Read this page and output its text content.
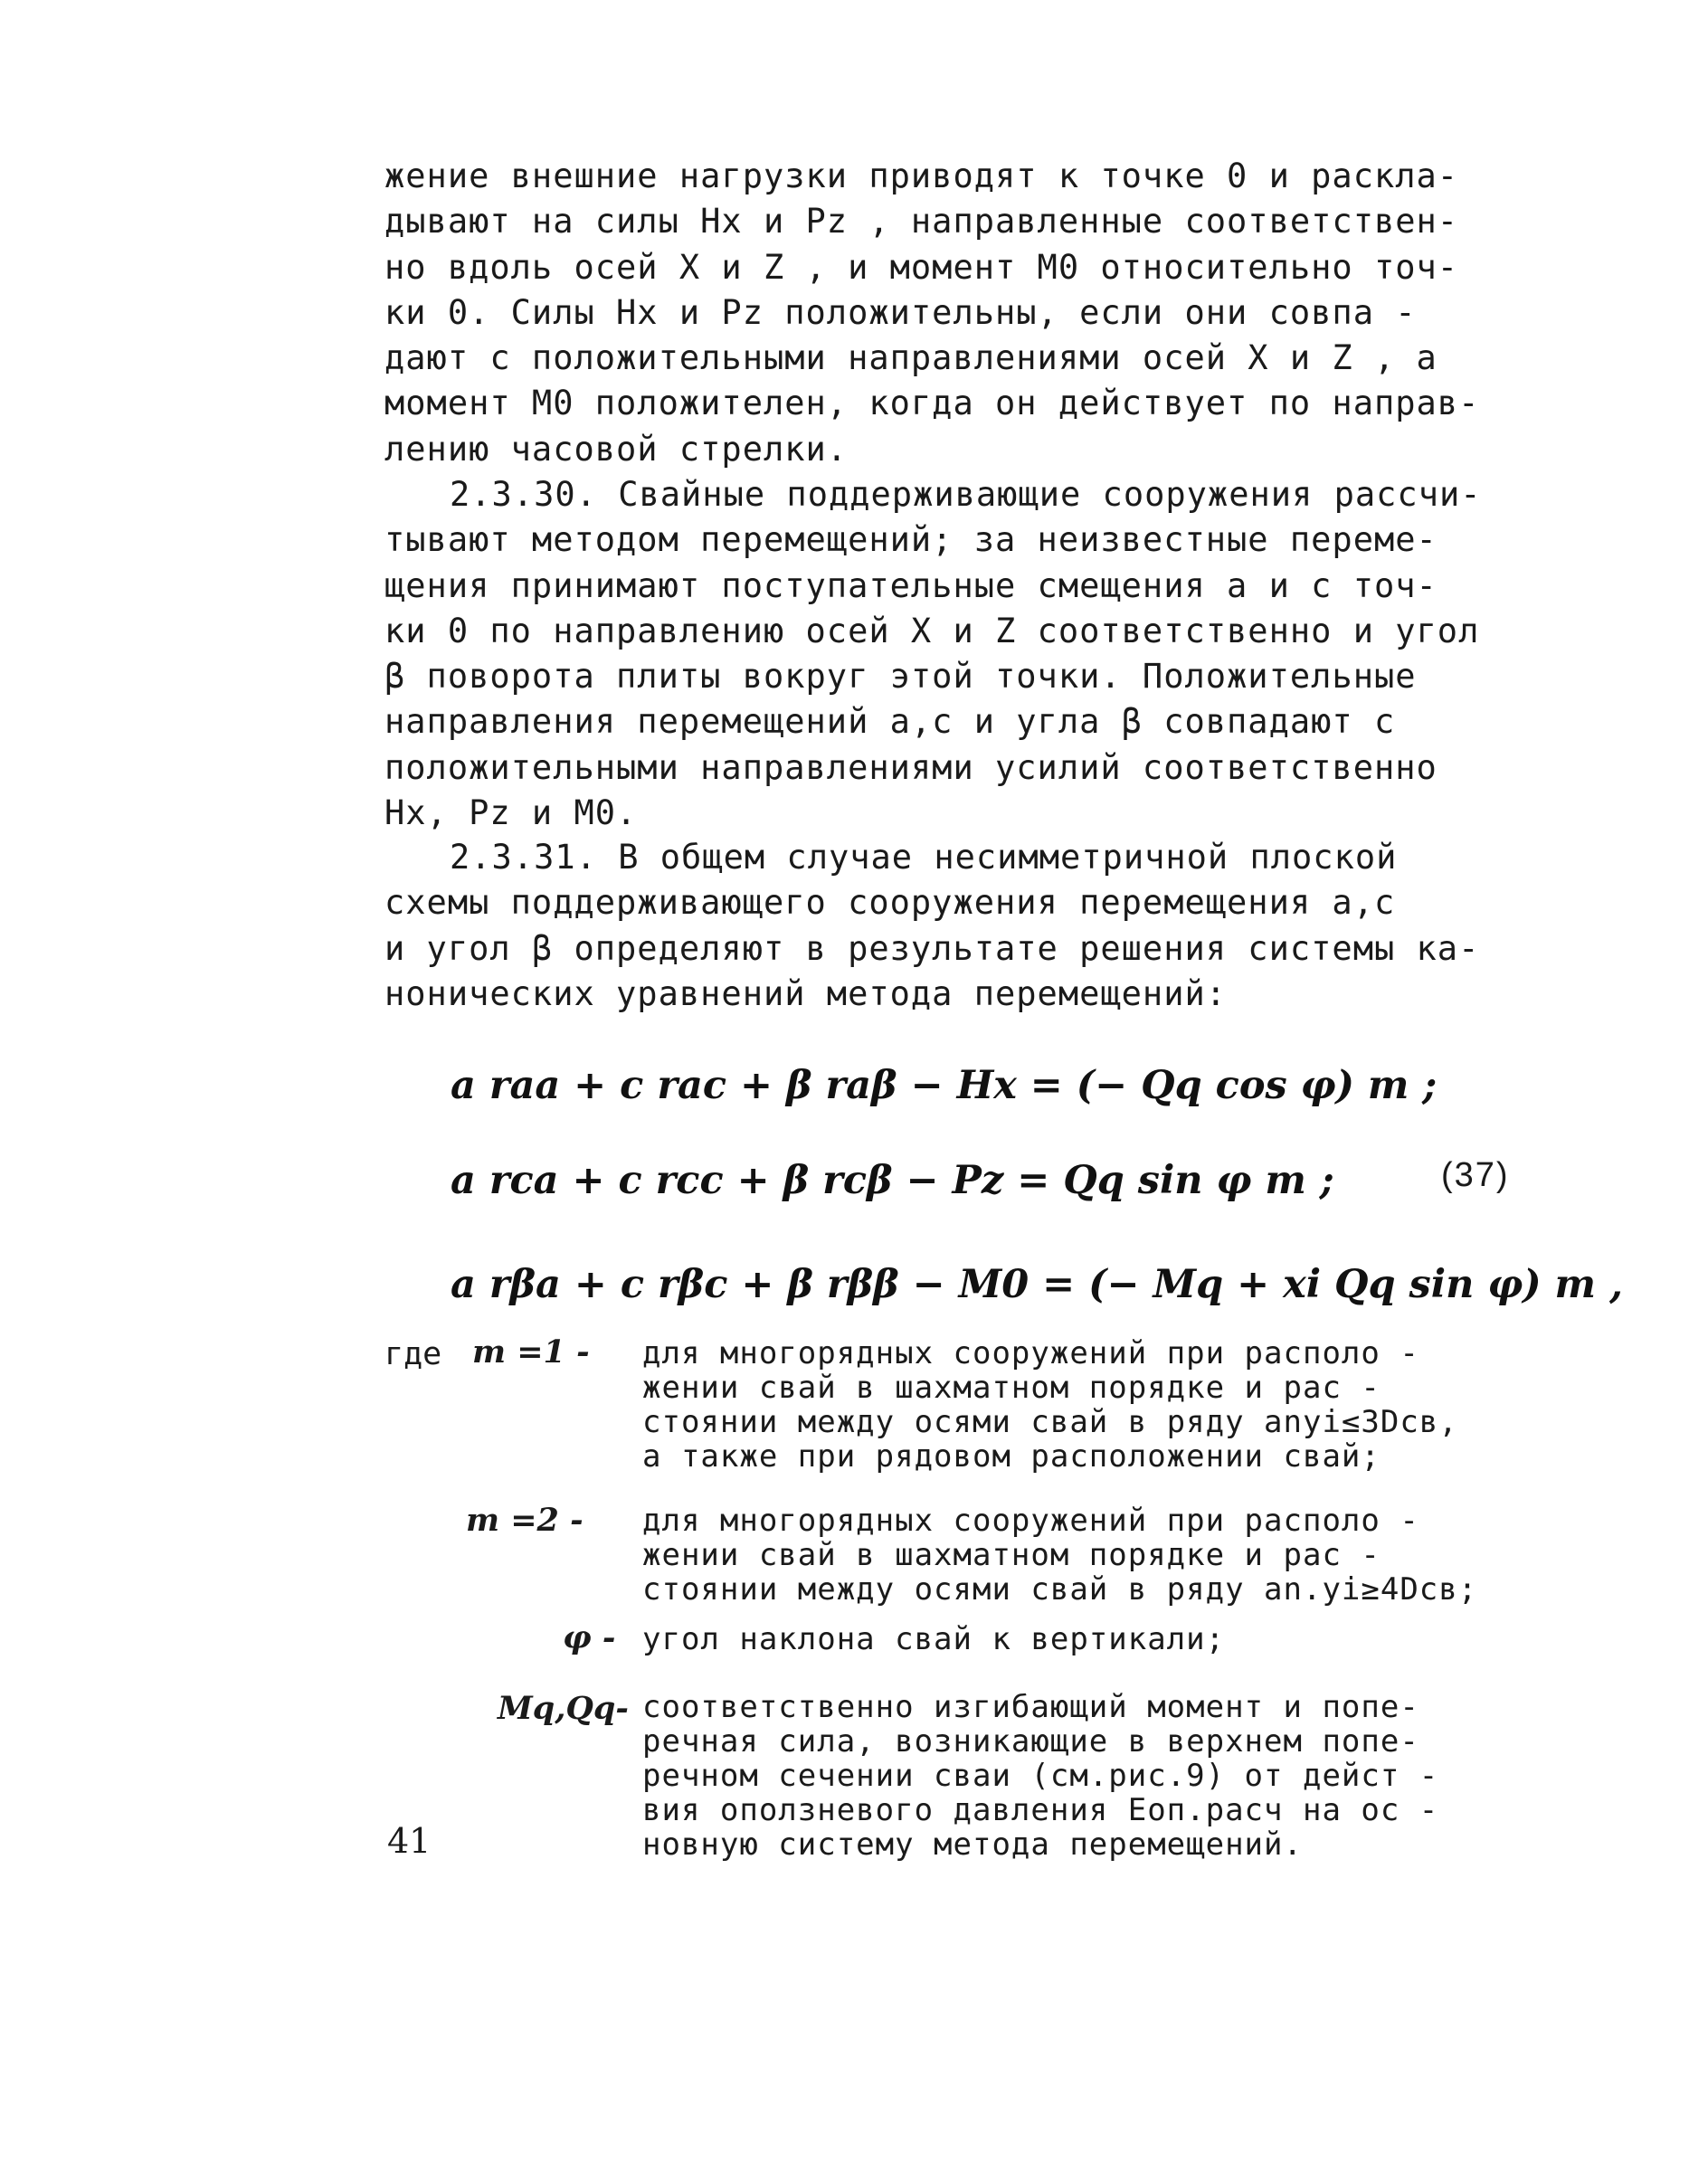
жение внешние нагрузки приводят к точке 0 и раскла-
дывают на силы Hx и Pz , направленные соответствен-
но вдоль осей X и Z , и момент M0 относительно точ-
ки 0. Силы Hx и Pz положительны, если они совпа -
дают с положительными направлениями осей X и Z , а
момент M0 положителен, когда он действует по направ-
лению часовой стрелки.
2.3.30. Свайные поддерживающие сооружения рассчи-
тывают методом перемещений; за неизвестные переме-
щения принимают поступательные смещения а и с точ-
ки 0 по направлению осей X и Z соответственно и угол
β поворота плиты вокруг этой точки. Положительные
направления перемещений а,с и угла β совпадают с
положительными направлениями усилий соответственно
Hx, Pz и M0.
2.3.31. В общем случае несимметричной плоской
схемы поддерживающего сооружения перемещения а,с
и угол β определяют в результате решения системы ка-
нонических уравнений метода перемещений:
a rаа + c rас + β rаβ − Hx = (− Qq cos φ) m ;
a rса + c rсс + β rсβ − Pz = Qq sin φ m ;
a rβа + c rβс + β rββ − M0 = (− Mq + xi Qq sin φ) m ,
(37)
где m =1 - для многорядных сооружений при располо -
жении свай в шахматном порядке и рас -
стоянии между осями свай в ряду аnyi≤3Dсв,
а также при рядовом расположении свай;
m =2 - для многорядных сооружений при располо -
жении свай в шахматном порядке и рас -
стоянии между осями свай в ряду аn.yi≥4Dсв;
φ - угол наклона свай к вертикали;
Mq,Qq- соответственно изгибающий момент и попе-
речная сила, возникающие в верхнем попе-
речном сечении сваи (см.рис.9) от дейст -
вия оползневого давления Eоп.расч на ос -
новную систему метода перемещений.
41
